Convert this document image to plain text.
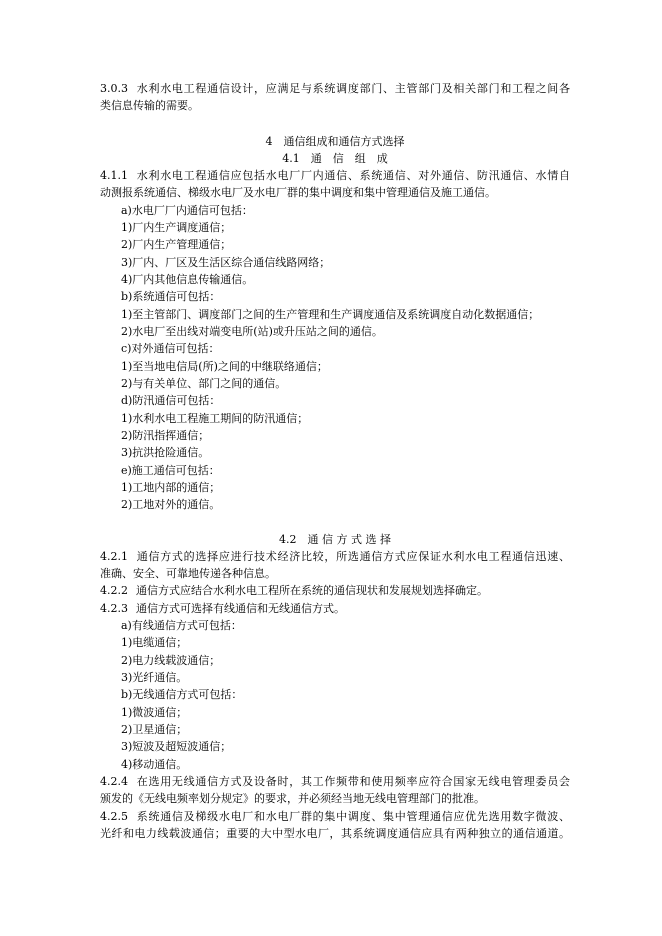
3.0.3 水利水电工程通信设计，应满足与系统调度部门、主管部门及相关部门和工程之间各
类信息传输的需要。
4　通信组成和通信方式选择
4.1　通　信　组　成
4.1.1 水利水电工程通信应包括水电厂厂内通信、系统通信、对外通信、防汛通信、水情自
动测报系统通信、梯级水电厂及水电厂群的集中调度和集中管理通信及施工通信。
a)水电厂厂内通信可包括：
1)厂内生产调度通信；
2)厂内生产管理通信；
3)厂内、厂区及生活区综合通信线路网络；
4)厂内其他信息传输通信。
b)系统通信可包括：
1)至主管部门、调度部门之间的生产管理和生产调度通信及系统调度自动化数据通信；
2)水电厂至出线对端变电所(站)或升压站之间的通信。
c)对外通信可包括：
1)至当地电信局(所)之间的中继联络通信；
2)与有关单位、部门之间的通信。
d)防汛通信可包括：
1)水利水电工程施工期间的防汛通信；
2)防汛指挥通信；
3)抗洪抢险通信。
e)施工通信可包括：
1)工地内部的通信；
2)工地对外的通信。
4.2　通 信 方 式 选 择
4.2.1 通信方式的选择应进行技术经济比较，所选通信方式应保证水利水电工程通信迅速、
准确、安全、可靠地传递各种信息。
4.2.2 通信方式应结合水利水电工程所在系统的通信现状和发展规划选择确定。
4.2.3 通信方式可选择有线通信和无线通信方式。
a)有线通信方式可包括：
1)电缆通信；
2)电力线载波通信；
3)光纤通信。
b)无线通信方式可包括：
1)微波通信；
2)卫星通信；
3)短波及超短波通信；
4)移动通信。
4.2.4 在选用无线通信方式及设备时，其工作频带和使用频率应符合国家无线电管理委员会
颁发的《无线电频率划分规定》的要求，并必须经当地无线电管理部门的批准。
4.2.5 系统通信及梯级水电厂和水电厂群的集中调度、集中管理通信应优先选用数字微波、
光纤和电力线载波通信；重要的大中型水电厂，其系统调度通信应具有两种独立的通信通道。
